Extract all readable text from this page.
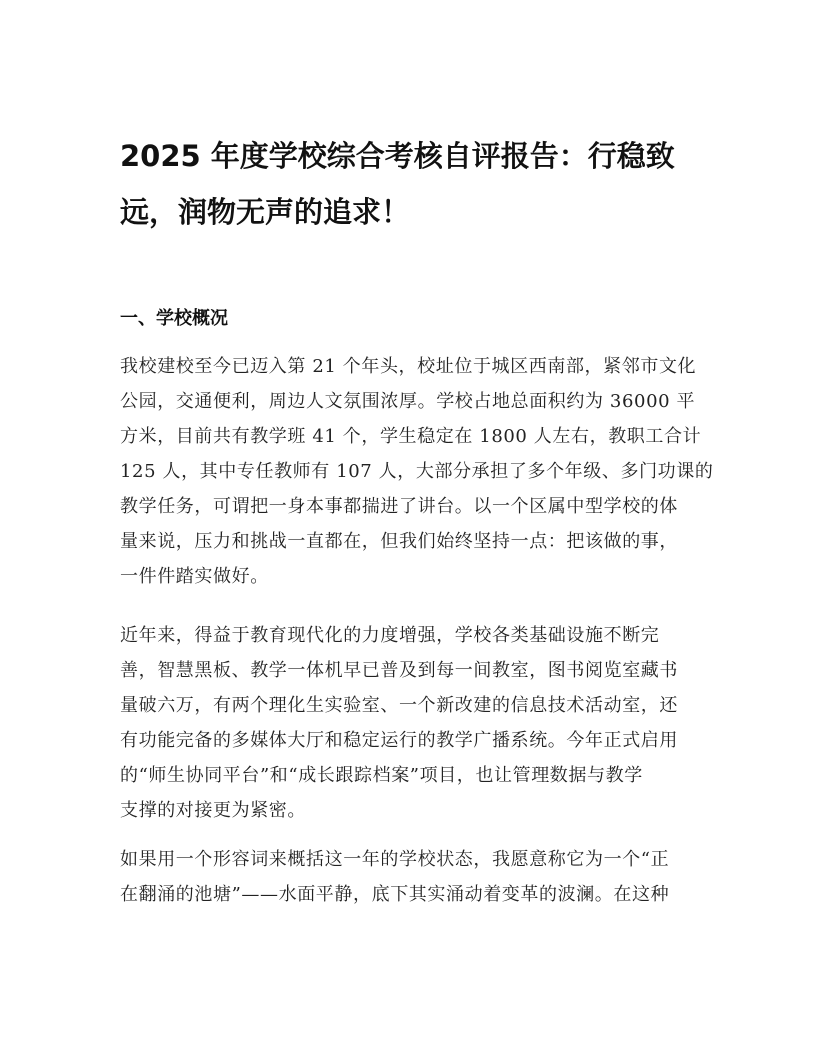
2025 年度学校综合考核自评报告：行稳致
远，润物无声的追求！
一、学校概况

我校建校至今已迈入第 21 个年头，校址位于城区西南部，紧邻市文化
公园，交通便利，周边人文氛围浓厚。学校占地总面积约为 36000 平
方米，目前共有教学班 41 个，学生稳定在 1800 人左右，教职工合计
125 人，其中专任教师有 107 人，大部分承担了多个年级、多门功课的
教学任务，可谓把一身本事都揣进了讲台。以一个区属中型学校的体
量来说，压力和挑战一直都在，但我们始终坚持一点：把该做的事，
一件件踏实做好。

近年来，得益于教育现代化的力度增强，学校各类基础设施不断完
善，智慧黑板、教学一体机早已普及到每一间教室，图书阅览室藏书
量破六万，有两个理化生实验室、一个新改建的信息技术活动室，还
有功能完备的多媒体大厅和稳定运行的教学广播系统。今年正式启用
的“师生协同平台”和“成长跟踪档案”项目，也让管理数据与教学
支撑的对接更为紧密。

如果用一个形容词来概括这一年的学校状态，我愿意称它为一个“正
在翻涌的池塘”——水面平静，底下其实涌动着变革的波澜。在这种
